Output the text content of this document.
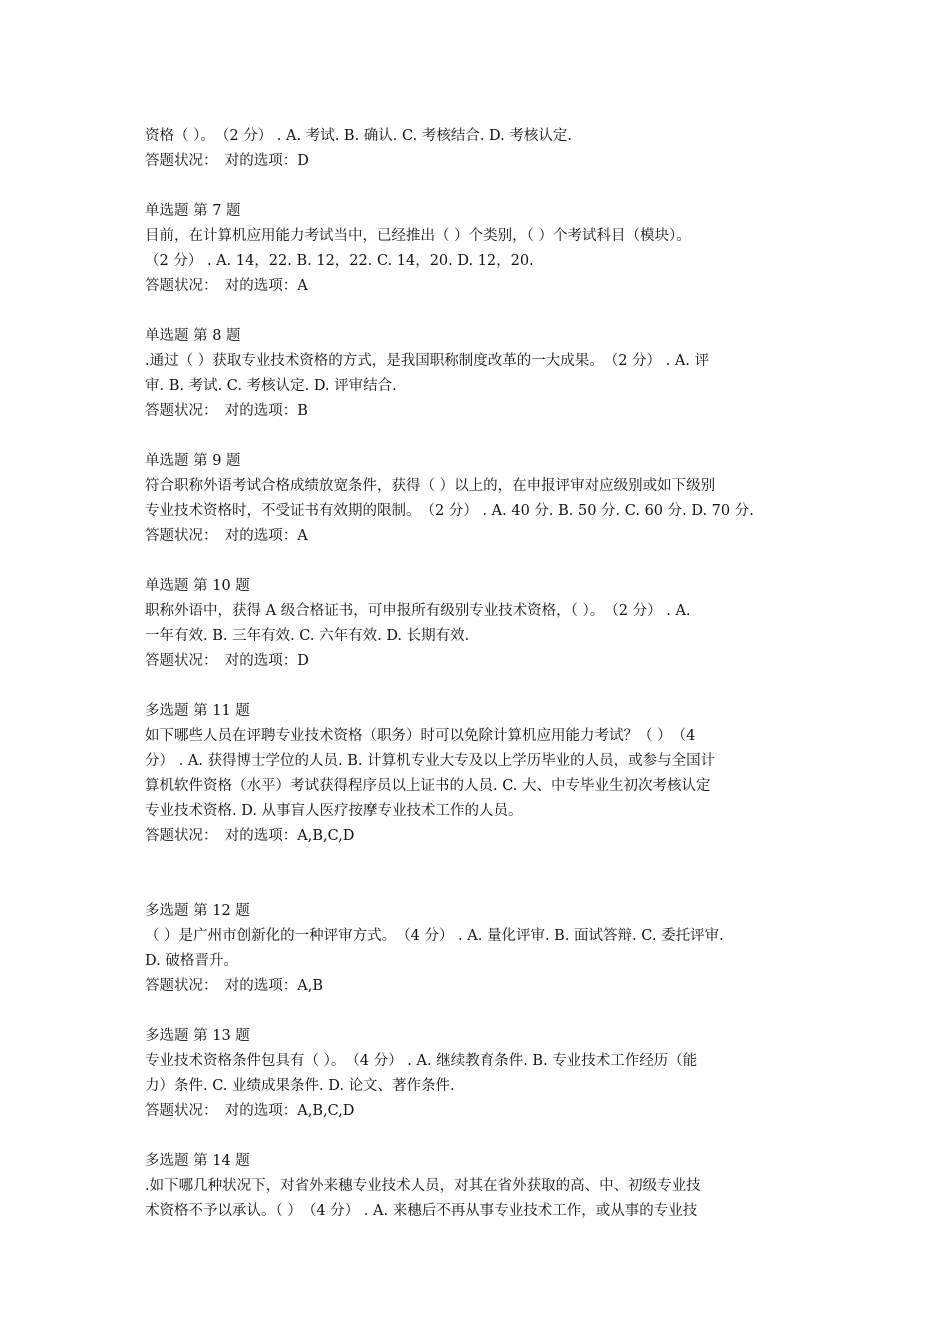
资格（ ）。　（2 分） . A. 考试. B. 确认. C. 考核结合. D. 考核认定.
答题状况：　对的选项：D
单选题 第 7 题
目前，在计算机应用能力考试当中，已经推出（ ）个类别，（ ）个考试科目（模块）。
（2 分） . A. 14，22. B. 12，22. C. 14，20. D. 12，20.
答题状况：　对的选项：A
单选题 第 8 题
.通过（ ）获取专业技术资格的方式，是我国职称制度改革的一大成果。　（2 分） . A. 评
审. B. 考试. C. 考核认定. D. 评审结合.
答题状况：　对的选项：B
单选题 第 9 题
符合职称外语考试合格成绩放宽条件，获得（ ）以上的，在申报评审对应级别或如下级别
专业技术资格时，不受证书有效期的限制。　（2 分） . A. 40 分. B. 50 分. C. 60 分. D. 70 分.
答题状况：　对的选项：A
单选题 第 10 题
职称外语中，获得 A 级合格证书，可申报所有级别专业技术资格，（ ）。　（2 分） . A.
一年有效. B. 三年有效. C. 六年有效. D. 长期有效.
答题状况：　对的选项：D
多选题 第 11 题
如下哪些人员在评聘专业技术资格（职务）时可以免除计算机应用能力考试？（ ）　（4
分） . A. 获得博士学位的人员. B. 计算机专业大专及以上学历毕业的人员，或参与全国计
算机软件资格（水平）考试获得程序员以上证书的人员. C. 大、中专毕业生初次考核认定
专业技术资格. D. 从事盲人医疗按摩专业技术工作的人员。
答题状况：　对的选项：A,B,C,D
多选题 第 12 题
（ ）是广州市创新化的一种评审方式。　（4 分） . A. 量化评审. B. 面试答辩. C. 委托评审.
D. 破格晋升。
答题状况：　对的选项：A,B
多选题 第 13 题
专业技术资格条件包具有（ ）。　（4 分） . A. 继续教育条件. B. 专业技术工作经历（能
力）条件. C. 业绩成果条件. D. 论文、著作条件.
答题状况：　对的选项：A,B,C,D
多选题 第 14 题
.如下哪几种状况下，对省外来穗专业技术人员，对其在省外获取的高、中、初级专业技
术资格不予以承认。（ ）　（4 分） . A. 来穗后不再从事专业技术工作，或从事的专业技
